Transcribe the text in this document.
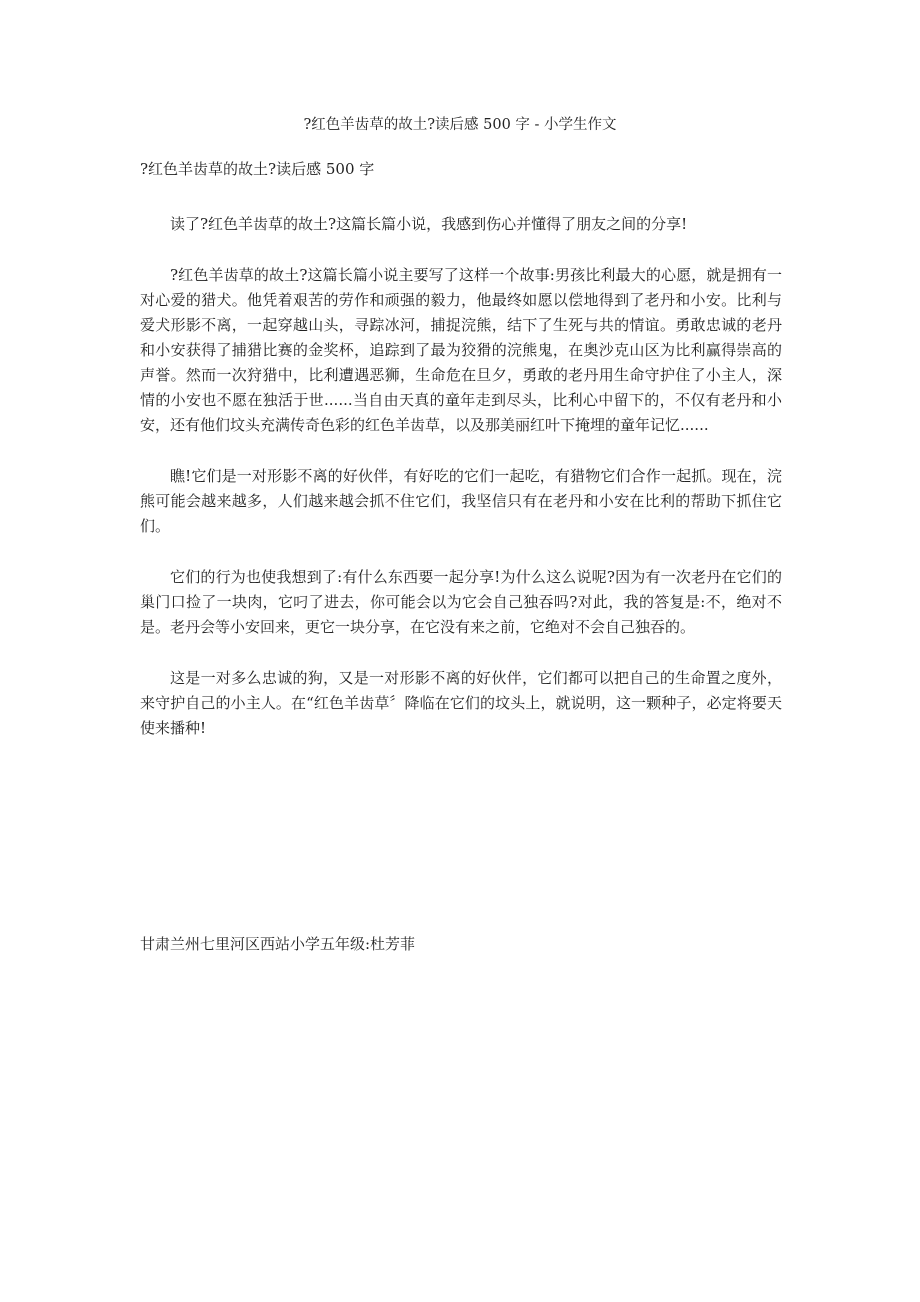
?红色羊齿草的故土?读后感 500 字 - 小学生作文
?红色羊齿草的故土?读后感 500 字

读了?红色羊齿草的故土?这篇长篇小说，我感到伤心并懂得了朋友之间的分享!

?红色羊齿草的故土?这篇长篇小说主要写了这样一个故事:男孩比利最大的心愿，就是拥有一对心爱的猎犬。他凭着艰苦的劳作和顽强的毅力，他最终如愿以偿地得到了老丹和小安。比利与爱犬形影不离，一起穿越山头，寻踪冰河，捕捉浣熊，结下了生死与共的情谊。勇敢忠诚的老丹和小安获得了捕猎比赛的金奖杯，追踪到了最为狡猾的浣熊鬼，在奥沙克山区为比利赢得崇高的声誉。然而一次狩猎中，比利遭遇恶狮，生命危在旦夕，勇敢的老丹用生命守护住了小主人，深情的小安也不愿在独活于世......当自由天真的童年走到尽头，比利心中留下的，不仅有老丹和小安，还有他们坟头充满传奇色彩的红色羊齿草，以及那美丽红叶下掩埋的童年记忆......

瞧!它们是一对形影不离的好伙伴，有好吃的它们一起吃，有猎物它们合作一起抓。现在，浣熊可能会越来越多，人们越来越会抓不住它们，我坚信只有在老丹和小安在比利的帮助下抓住它们。

它们的行为也使我想到了:有什么东西要一起分享!为什么这么说呢?因为有一次老丹在它们的巢门口捡了一块肉，它叼了进去，你可能会以为它会自己独吞吗?对此，我的答复是:不，绝对不是。老丹会等小安回来，更它一块分享，在它没有来之前，它绝对不会自己独吞的。

这是一对多么忠诚的狗，又是一对形影不离的好伙伴，它们都可以把自己的生命置之度外，来守护自己的小主人。在“红色羊齿草〞降临在它们的坟头上，就说明，这一颗种子，必定将要天使来播种!

甘肃兰州七里河区西站小学五年级:杜芳菲
